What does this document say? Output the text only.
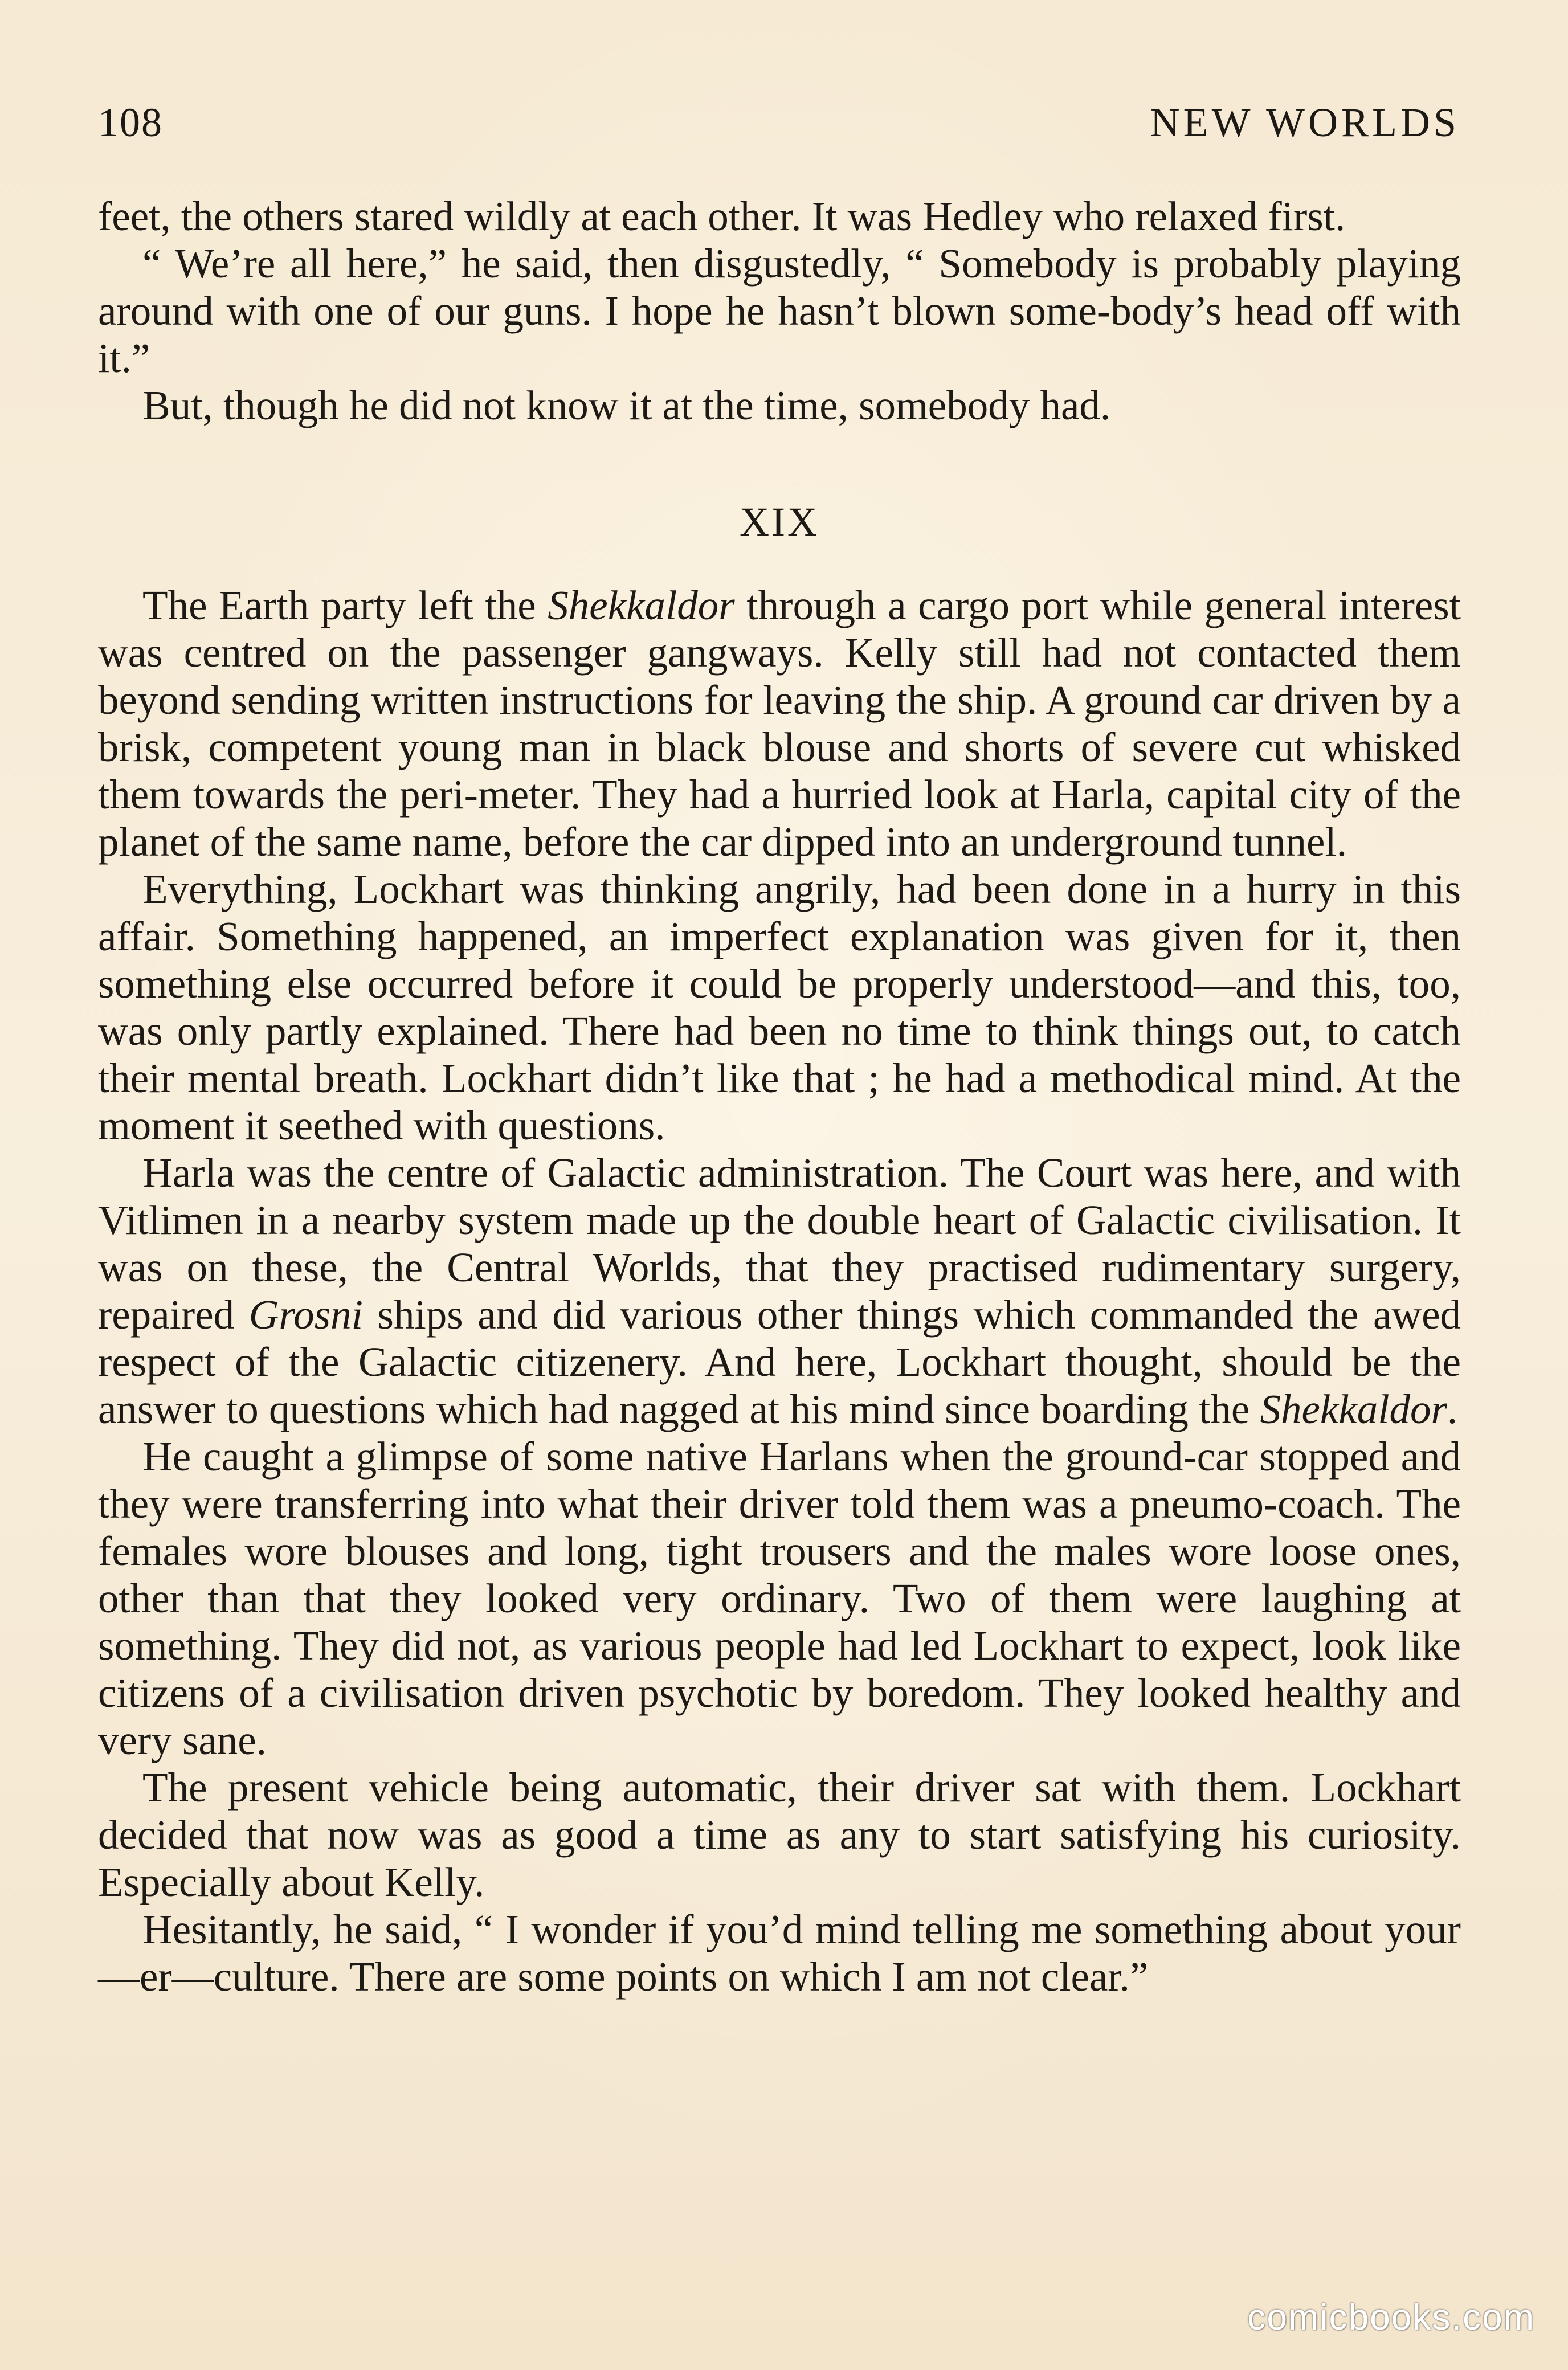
108	NEW WORLDS

feet, the others stared wildly at each other. It was Hedley who relaxed first.

“ We’re all here,” he said, then disgustedly, “ Somebody is probably playing around with one of our guns. I hope he hasn’t blown some-body’s head off with it.”

But, though he did not know it at the time, somebody had.

XIX

The Earth party left the Shekkaldor through a cargo port while general interest was centred on the passenger gangways. Kelly still had not contacted them beyond sending written instructions for leaving the ship. A ground car driven by a brisk, competent young man in black blouse and shorts of severe cut whisked them towards the peri-meter. They had a hurried look at Harla, capital city of the planet of the same name, before the car dipped into an underground tunnel.

Everything, Lockhart was thinking angrily, had been done in a hurry in this affair. Something happened, an imperfect explanation was given for it, then something else occurred before it could be properly understood—and this, too, was only partly explained. There had been no time to think things out, to catch their mental breath. Lockhart didn’t like that ; he had a methodical mind. At the moment it seethed with questions.

Harla was the centre of Galactic administration. The Court was here, and with Vitlimen in a nearby system made up the double heart of Galactic civilisation. It was on these, the Central Worlds, that they practised rudimentary surgery, repaired Grosni ships and did various other things which commanded the awed respect of the Galactic citizenery. And here, Lockhart thought, should be the answer to questions which had nagged at his mind since boarding the Shekkaldor.

He caught a glimpse of some native Harlans when the ground-car stopped and they were transferring into what their driver told them was a pneumo-coach. The females wore blouses and long, tight trousers and the males wore loose ones, other than that they looked very ordinary. Two of them were laughing at something. They did not, as various people had led Lockhart to expect, look like citizens of a civilisation driven psychotic by boredom. They looked healthy and very sane.

The present vehicle being automatic, their driver sat with them. Lockhart decided that now was as good a time as any to start satisfying his curiosity. Especially about Kelly.

Hesitantly, he said, “ I wonder if you’d mind telling me something about your—er—culture. There are some points on which I am not clear.”

comicbooks.com
